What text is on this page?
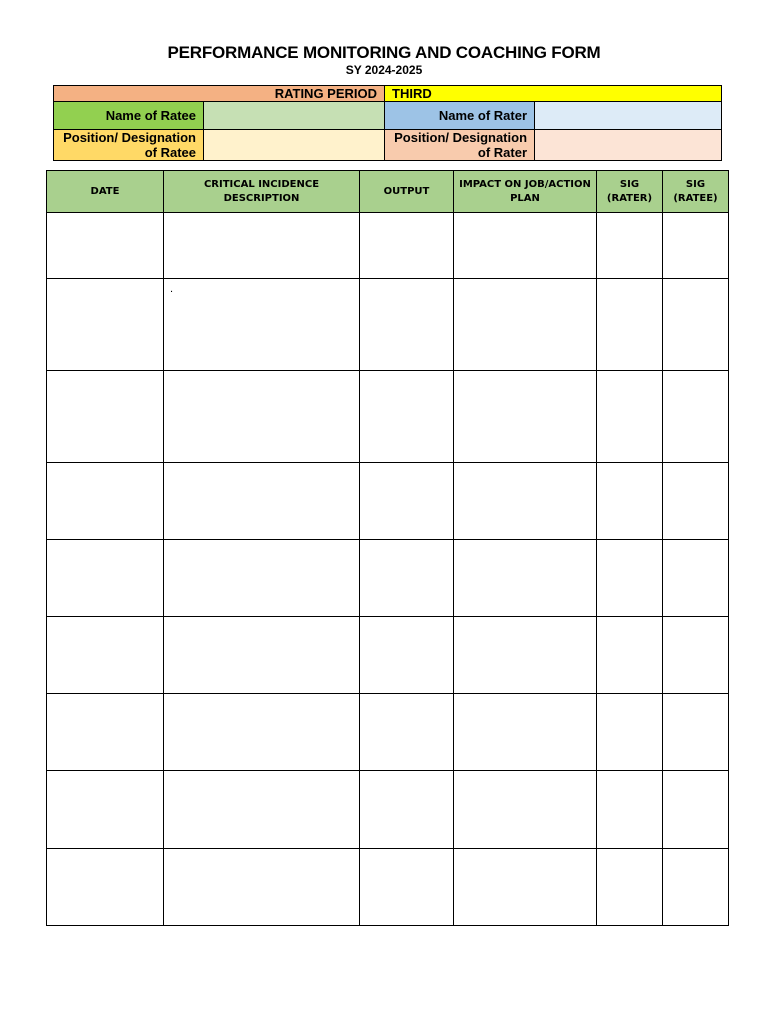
PERFORMANCE MONITORING AND COACHING FORM
SY 2024-2025
RATING PERIOD		THIRD	
Name of Ratee		Name of Rater	
Position/ Designation of Ratee		Position/ Designation of Rater	
DATE	CRITICAL INCIDENCE DESCRIPTION	OUTPUT	IMPACT ON JOB/ACTION PLAN	SIG (RATER)	SIG (RATEE)

	.				
